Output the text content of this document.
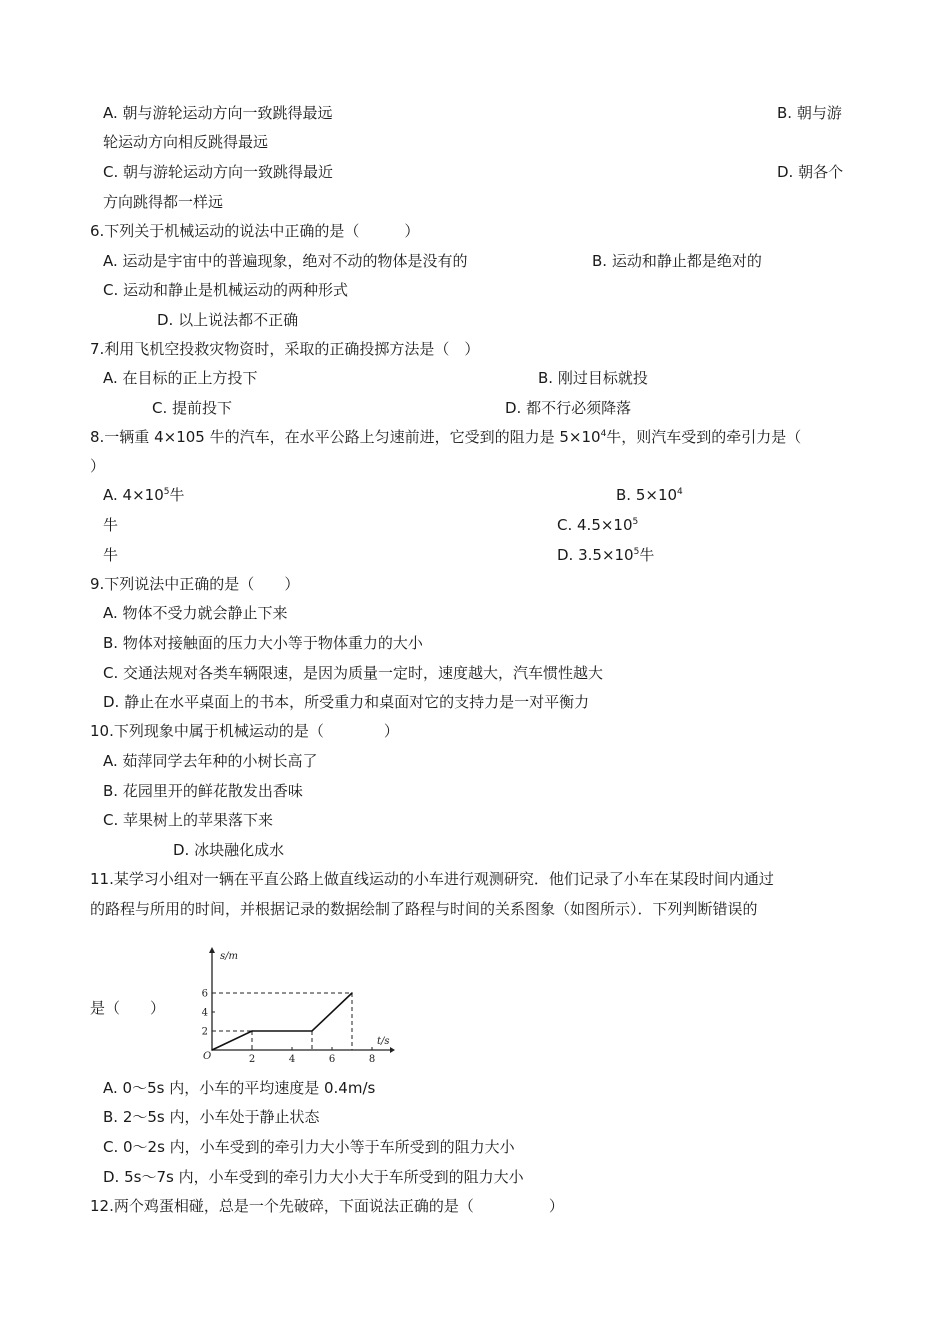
A. 朝与游轮运动方向一致跳得最远	B. 朝与游
轮运动方向相反跳得最远
C. 朝与游轮运动方向一致跳得最近	D. 朝各个
方向跳得都一样远
6.下列关于机械运动的说法中正确的是（　　　）
A. 运动是宇宙中的普遍现象，绝对不动的物体是没有的	B. 运动和静止都是绝对的
C. 运动和静止是机械运动的两种形式
D. 以上说法都不正确
7.利用飞机空投救灾物资时，采取的正确投掷方法是（　）
A. 在目标的正上方投下	B. 刚过目标就投
C. 提前投下	D. 都不行必须降落
8.一辆重 4×105 牛的汽车，在水平公路上匀速前进，它受到的阻力是 $5\times 10^4$牛，则汽车受到的牵引力是（
）
A. $4\times 10^5$牛	B. $5\times 10^4$
牛	C. $4.5\times 10^5$
牛	D. $3.5\times 10^5$牛
9.下列说法中正确的是（　　）
A. 物体不受力就会静止下来
B. 物体对接触面的压力大小等于物体重力的大小
C. 交通法规对各类车辆限速，是因为质量一定时，速度越大，汽车惯性越大
D. 静止在水平桌面上的书本，所受重力和桌面对它的支持力是一对平衡力
10.下列现象中属于机械运动的是（　　　　）
A. 茹萍同学去年种的小树长高了
B. 花园里开的鲜花散发出香味
C. 苹果树上的苹果落下来
D. 冰块融化成水
11.某学习小组对一辆在平直公路上做直线运动的小车进行观测研究．他们记录了小车在某段时间内通过
的路程与所用的时间，并根据记录的数据绘制了路程与时间的关系图象（如图所示）．下列判断错误的
是（　　）
2	4	6	8
2
4
6
O
s/m
t/s
A. 0～5s 内，小车的平均速度是 0.4m/s
B. 2～5s 内，小车处于静止状态
C. 0～2s 内，小车受到的牵引力大小等于车所受到的阻力大小
D. 5s～7s 内，小车受到的牵引力大小大于车所受到的阻力大小
12.两个鸡蛋相碰，总是一个先破碎，下面说法正确的是（　　　　　）
